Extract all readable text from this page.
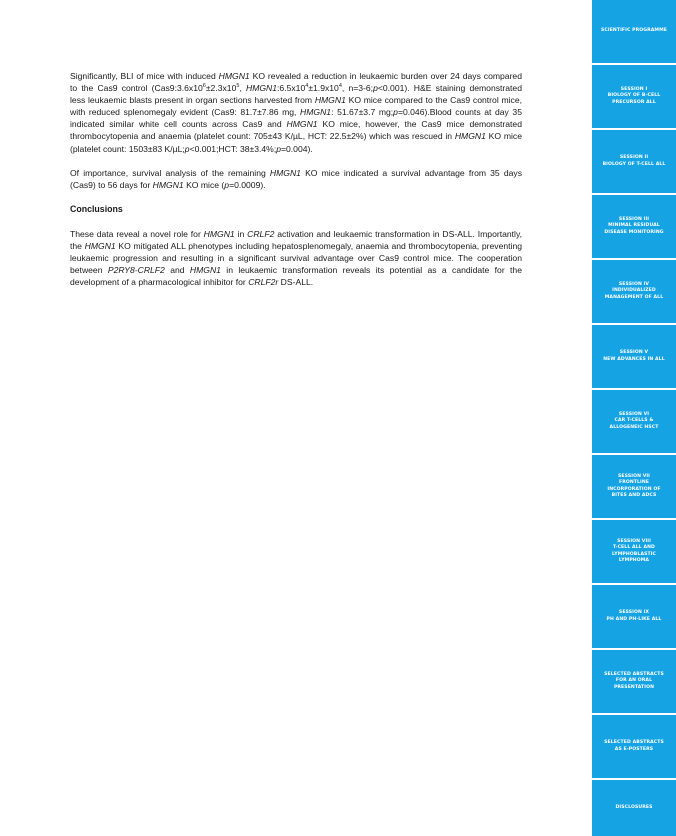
Significantly, BLI of mice with induced HMGN1 KO revealed a reduction in leukaemic burden over 24 days compared to the Cas9 control ($Cas9:3.6x10^6\pm 2.3x10^5$, $HMGN1:6.5x10^4\pm 1.9x10^4$, n=3-6;p<0.001). H&E staining demonstrated less leukaemic blasts present in organ sections harvested from HMGN1 KO mice compared to the Cas9 control mice, with reduced splenomegaly evident (Cas9: 81.7±7.86 mg, HMGN1: 51.67±3.7 mg;p=0.046).Blood counts at day 35 indicated similar white cell counts across Cas9 and HMGN1 KO mice, however, the Cas9 mice demonstrated thrombocytopenia and anaemia (platelet count: 705±43 K/µL, HCT: 22.5±2%) which was rescued in HMGN1 KO mice (platelet count: 1503±83 K/µL;p<0.001;HCT: 38±3.4%;p=0.004).

Of importance, survival analysis of the remaining HMGN1 KO mice indicated a survival advantage from 35 days (Cas9) to 56 days for HMGN1 KO mice (p=0.0009).

Conclusions

These data reveal a novel role for HMGN1 in CRLF2 activation and leukaemic transformation in DS-ALL. Importantly, the HMGN1 KO mitigated ALL phenotypes including hepatosplenomegaly, anaemia and thrombocytopenia, preventing leukaemic progression and resulting in a significant survival advantage over Cas9 control mice. The cooperation between P2RY8-CRLF2 and HMGN1 in leukaemic transformation reveals its potential as a candidate for the development of a pharmacological inhibitor for CRLF2r DS-ALL.

SCIENTIFIC PROGRAMME
SESSION I
BIOLOGY OF B-CELL
PRECURSOR ALL
SESSION II
BIOLOGY OF T-CELL ALL
SESSION III
MINIMAL RESIDUAL
DISEASE MONITORING
SESSION IV
INDIVIDUALIZED
MANAGEMENT OF ALL
SESSION V
NEW ADVANCES IN ALL
SESSION VI
CAR T-CELLS &
ALLOGENEIC HSCT
SESSION VII
FRONTLINE
INCORPORATION OF
BITES AND ADCS
SESSION VIII
T-CELL ALL AND
LYMPHOBLASTIC
LYMPHOMA
SESSION IX
PH AND PH-LIKE ALL
SELECTED ABSTRACTS
FOR AN ORAL
PRESENTATION
SELECTED ABSTRACTS
AS E-POSTERS
DISCLOSURES
